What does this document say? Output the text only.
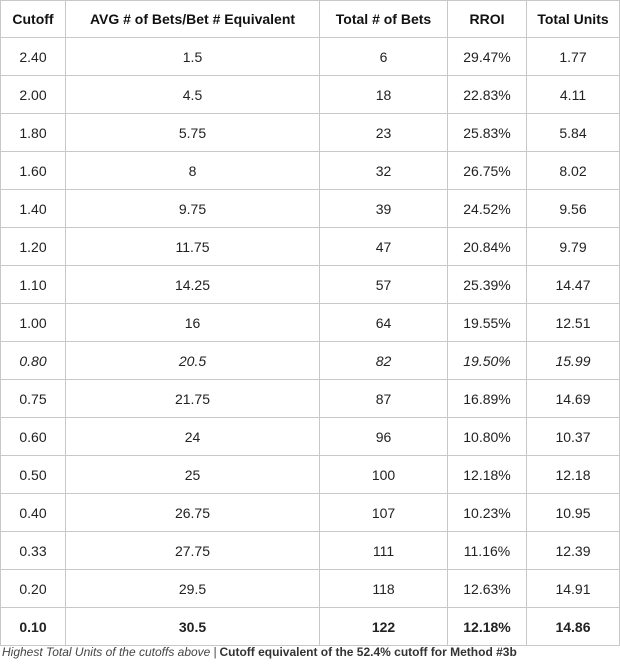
Cutoff	AVG # of Bets/Bet # Equivalent	Total # of Bets	RROI	Total Units
2.40	1.5	6	29.47%	1.77
2.00	4.5	18	22.83%	4.11
1.80	5.75	23	25.83%	5.84
1.60	8	32	26.75%	8.02
1.40	9.75	39	24.52%	9.56
1.20	11.75	47	20.84%	9.79
1.10	14.25	57	25.39%	14.47
1.00	16	64	19.55%	12.51
0.80	20.5	82	19.50%	15.99
0.75	21.75	87	16.89%	14.69
0.60	24	96	10.80%	10.37
0.50	25	100	12.18%	12.18
0.40	26.75	107	10.23%	10.95
0.33	27.75	111	11.16%	12.39
0.20	29.5	118	12.63%	14.91
0.10	30.5	122	12.18%	14.86
Highest Total Units of the cutoffs above | Cutoff equivalent of the 52.4% cutoff for Method #3b
